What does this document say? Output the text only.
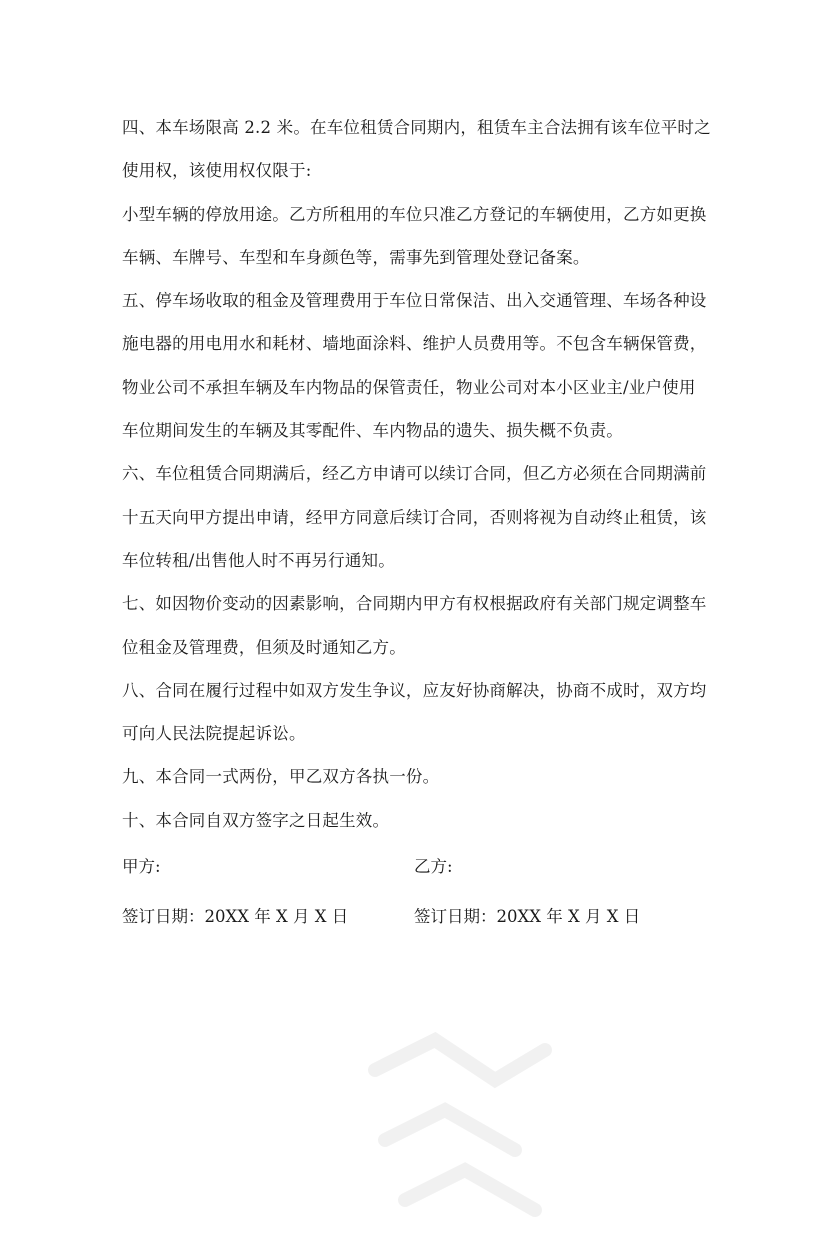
四、本车场限高 2.2 米。在车位租赁合同期内，租赁车主合法拥有该车位平时之
使用权，该使用权仅限于:
小型车辆的停放用途。乙方所租用的车位只准乙方登记的车辆使用，乙方如更换
车辆、车牌号、车型和车身颜色等，需事先到管理处登记备案。
五、停车场收取的租金及管理费用于车位日常保洁、出入交通管理、车场各种设
施电器的用电用水和耗材、墙地面涂料、维护人员费用等。不包含车辆保管费，
物业公司不承担车辆及车内物品的保管责任，物业公司对本小区业主/业户使用
车位期间发生的车辆及其零配件、车内物品的遗失、损失概不负责。
六、车位租赁合同期满后，经乙方申请可以续订合同，但乙方必须在合同期满前
十五天向甲方提出申请，经甲方同意后续订合同，否则将视为自动终止租赁，该
车位转租/出售他人时不再另行通知。
七、如因物价变动的因素影响，合同期内甲方有权根据政府有关部门规定调整车
位租金及管理费，但须及时通知乙方。
八、合同在履行过程中如双方发生争议，应友好协商解决，协商不成时，双方均
可向人民法院提起诉讼。
九、本合同一式两份，甲乙双方各执一份。
十、本合同自双方签字之日起生效。
甲方:	乙方:
签订日期：20XX 年 X 月 X 日	签订日期：20XX 年 X 月 X 日
